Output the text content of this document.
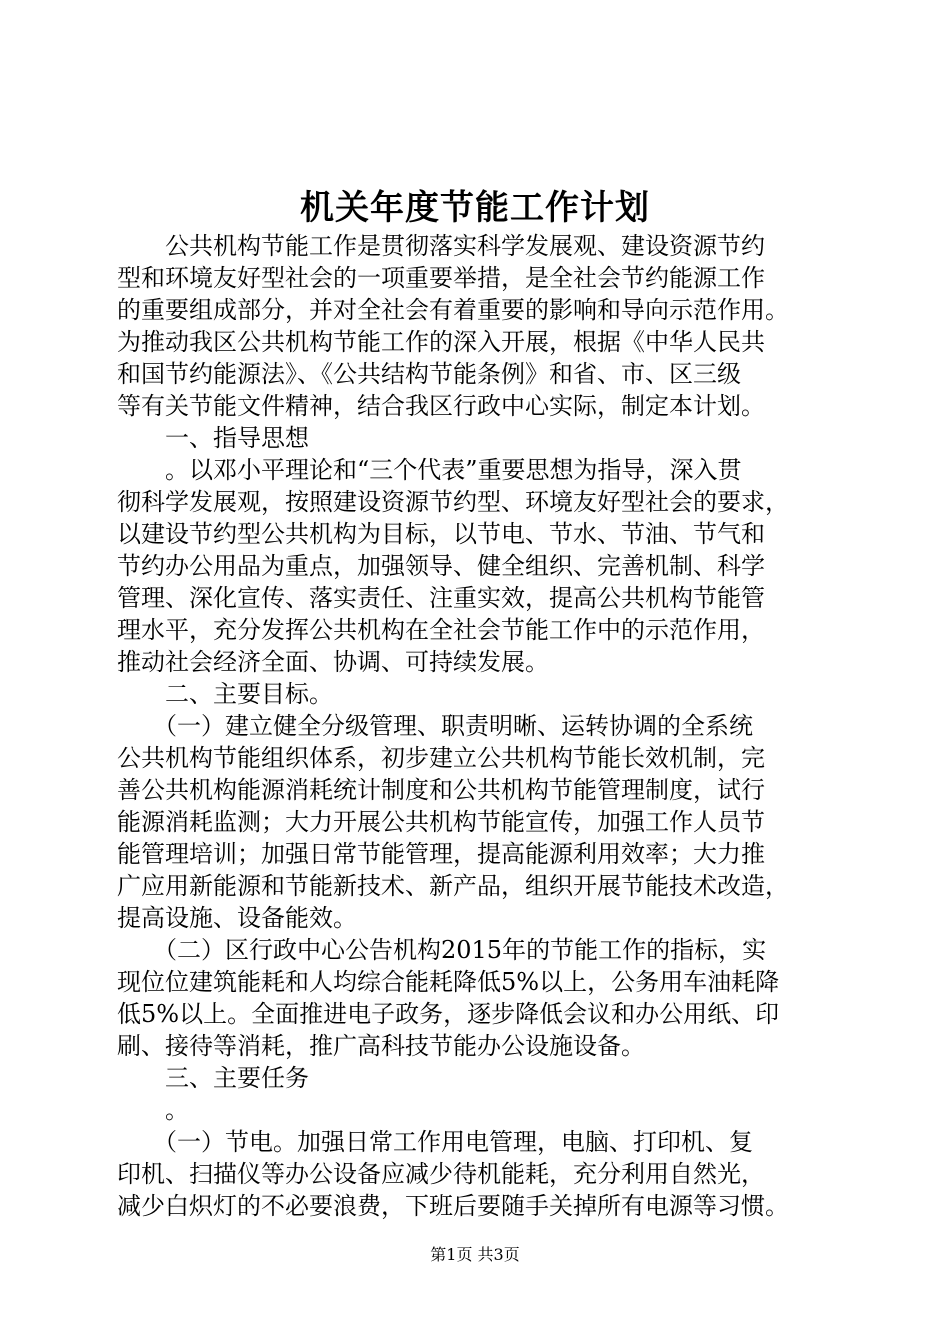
机关年度节能工作计划
　　公共机构节能工作是贯彻落实科学发展观、建设资源节约
型和环境友好型社会的一项重要举措，是全社会节约能源工作
的重要组成部分，并对全社会有着重要的影响和导向示范作用。
为推动我区公共机构节能工作的深入开展，根据《中华人民共
和国节约能源法》、《公共结构节能条例》和省、市、区三级
等有关节能文件精神，结合我区行政中心实际，制定本计划。
　　一、指导思想
　　。以邓小平理论和“三个代表”重要思想为指导，深入贯
彻科学发展观，按照建设资源节约型、环境友好型社会的要求，
以建设节约型公共机构为目标，以节电、节水、节油、节气和
节约办公用品为重点，加强领导、健全组织、完善机制、科学
管理、深化宣传、落实责任、注重实效，提高公共机构节能管
理水平，充分发挥公共机构在全社会节能工作中的示范作用，
推动社会经济全面、协调、可持续发展。
　　二、主要目标。
　　（一）建立健全分级管理、职责明晰、运转协调的全系统
公共机构节能组织体系，初步建立公共机构节能长效机制，完
善公共机构能源消耗统计制度和公共机构节能管理制度，试行
能源消耗监测；大力开展公共机构节能宣传，加强工作人员节
能管理培训；加强日常节能管理，提高能源利用效率；大力推
广应用新能源和节能新技术、新产品，组织开展节能技术改造，
提高设施、设备能效。
　　（二）区行政中心公告机构2015年的节能工作的指标，实
现位位建筑能耗和人均综合能耗降低5%以上，公务用车油耗降
低5%以上。全面推进电子政务，逐步降低会议和办公用纸、印
刷、接待等消耗，推广高科技节能办公设施设备。
　　三、主要任务
　　。
　　（一）节电。加强日常工作用电管理，电脑、打印机、复
印机、扫描仪等办公设备应减少待机能耗，充分利用自然光，
减少白炽灯的不必要浪费，下班后要随手关掉所有电源等习惯。
第1页 共3页
